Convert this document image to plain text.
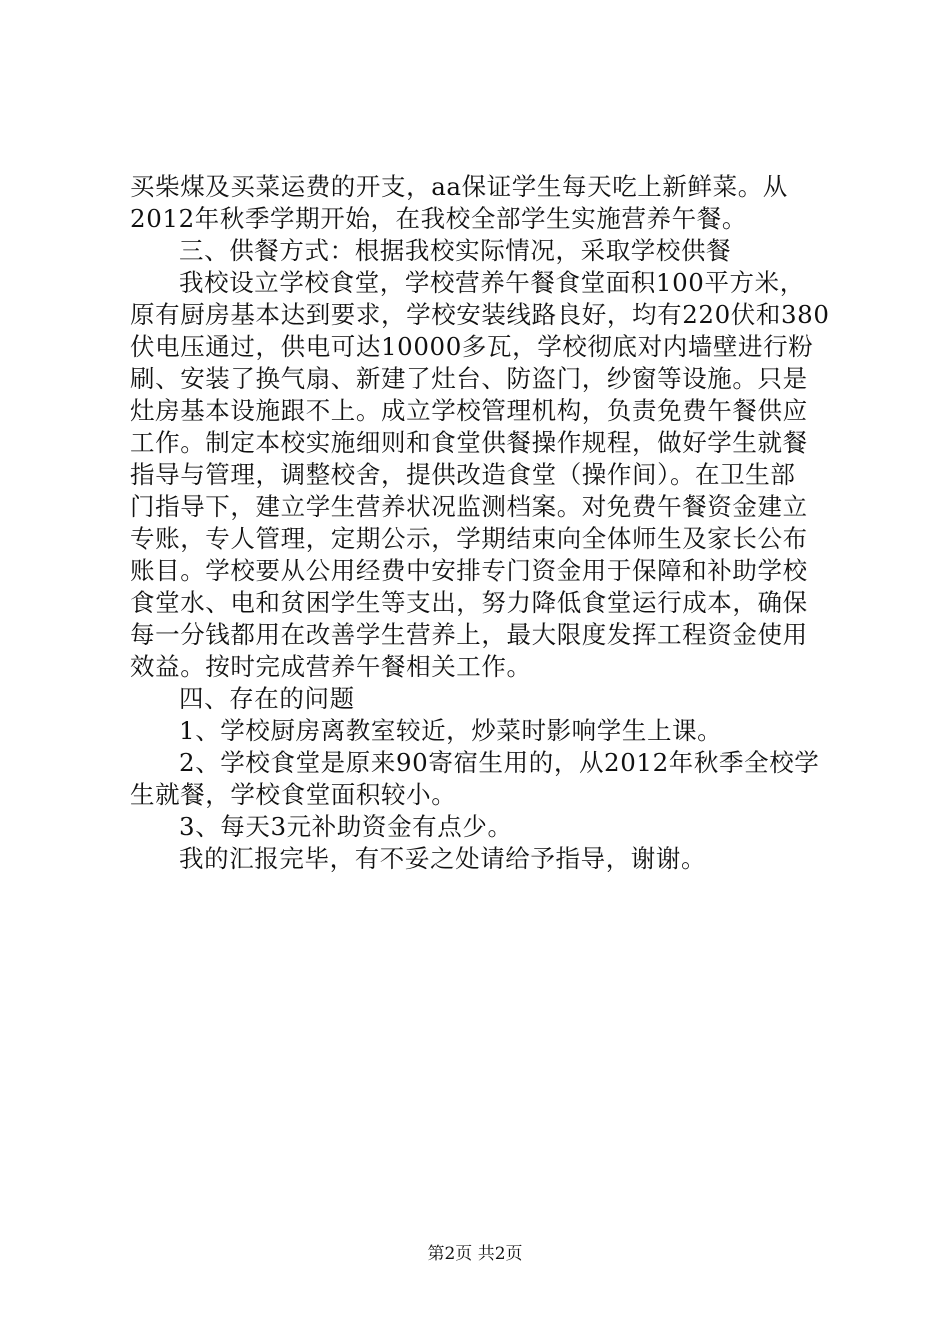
买柴煤及买菜运费的开支，aa保证学生每天吃上新鲜菜。从
2012年秋季学期开始，在我校全部学生实施营养午餐。
三、供餐方式：根据我校实际情况，采取学校供餐
我校设立学校食堂，学校营养午餐食堂面积100平方米，
原有厨房基本达到要求，学校安装线路良好，均有220伏和380
伏电压通过，供电可达10000多瓦，学校彻底对内墙壁进行粉
刷、安装了换气扇、新建了灶台、防盗门，纱窗等设施。只是
灶房基本设施跟不上。成立学校管理机构，负责免费午餐供应
工作。制定本校实施细则和食堂供餐操作规程，做好学生就餐
指导与管理，调整校舍，提供改造食堂（操作间）。在卫生部
门指导下，建立学生营养状况监测档案。对免费午餐资金建立
专账，专人管理，定期公示，学期结束向全体师生及家长公布
账目。学校要从公用经费中安排专门资金用于保障和补助学校
食堂水、电和贫困学生等支出，努力降低食堂运行成本，确保
每一分钱都用在改善学生营养上，最大限度发挥工程资金使用
效益。按时完成营养午餐相关工作。
四、存在的问题
1、学校厨房离教室较近，炒菜时影响学生上课。
2、学校食堂是原来90寄宿生用的，从2012年秋季全校学
生就餐，学校食堂面积较小。
3、每天3元补助资金有点少。
我的汇报完毕，有不妥之处请给予指导，谢谢。
第2页 共2页
